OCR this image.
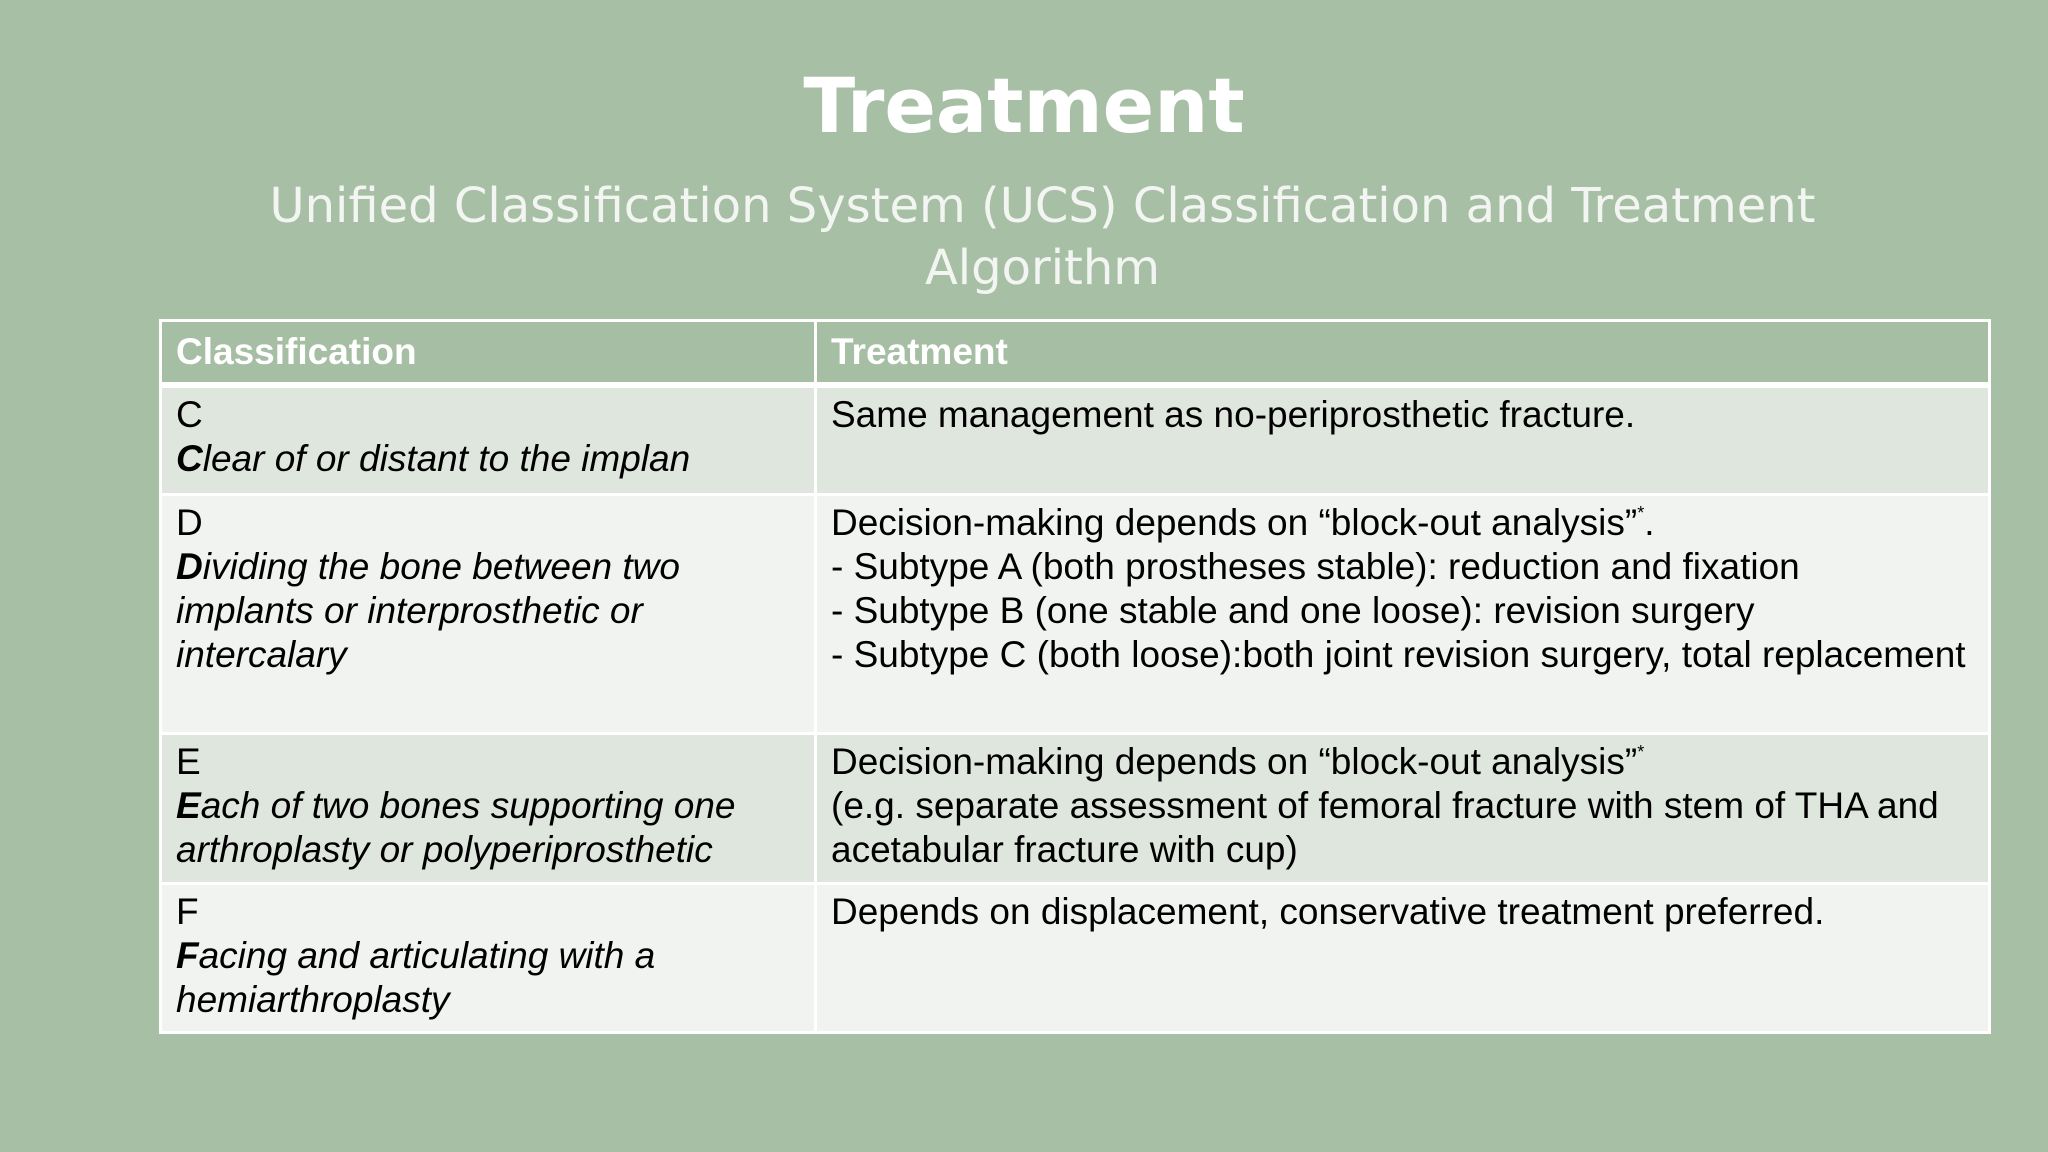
Treatment
Unified Classification System (UCS) Classification and Treatment Algorithm
Classification	Treatment

C
Clear of or distant to the implan	Same management as no-periprosthetic fracture.

D
Dividing the bone between two implants or interprosthetic or intercalary	Decision-making depends on “block-out analysis”*.
- Subtype A (both prostheses stable): reduction and fixation
- Subtype B (one stable and one loose): revision surgery
- Subtype C (both loose):both joint revision surgery, total replacement

E
Each of two bones supporting one arthroplasty or polyperiprosthetic	Decision-making depends on “block-out analysis”*
(e.g. separate assessment of femoral fracture with stem of THA and acetabular fracture with cup)

F
Facing and articulating with a hemiarthroplasty	Depends on displacement, conservative treatment preferred.
